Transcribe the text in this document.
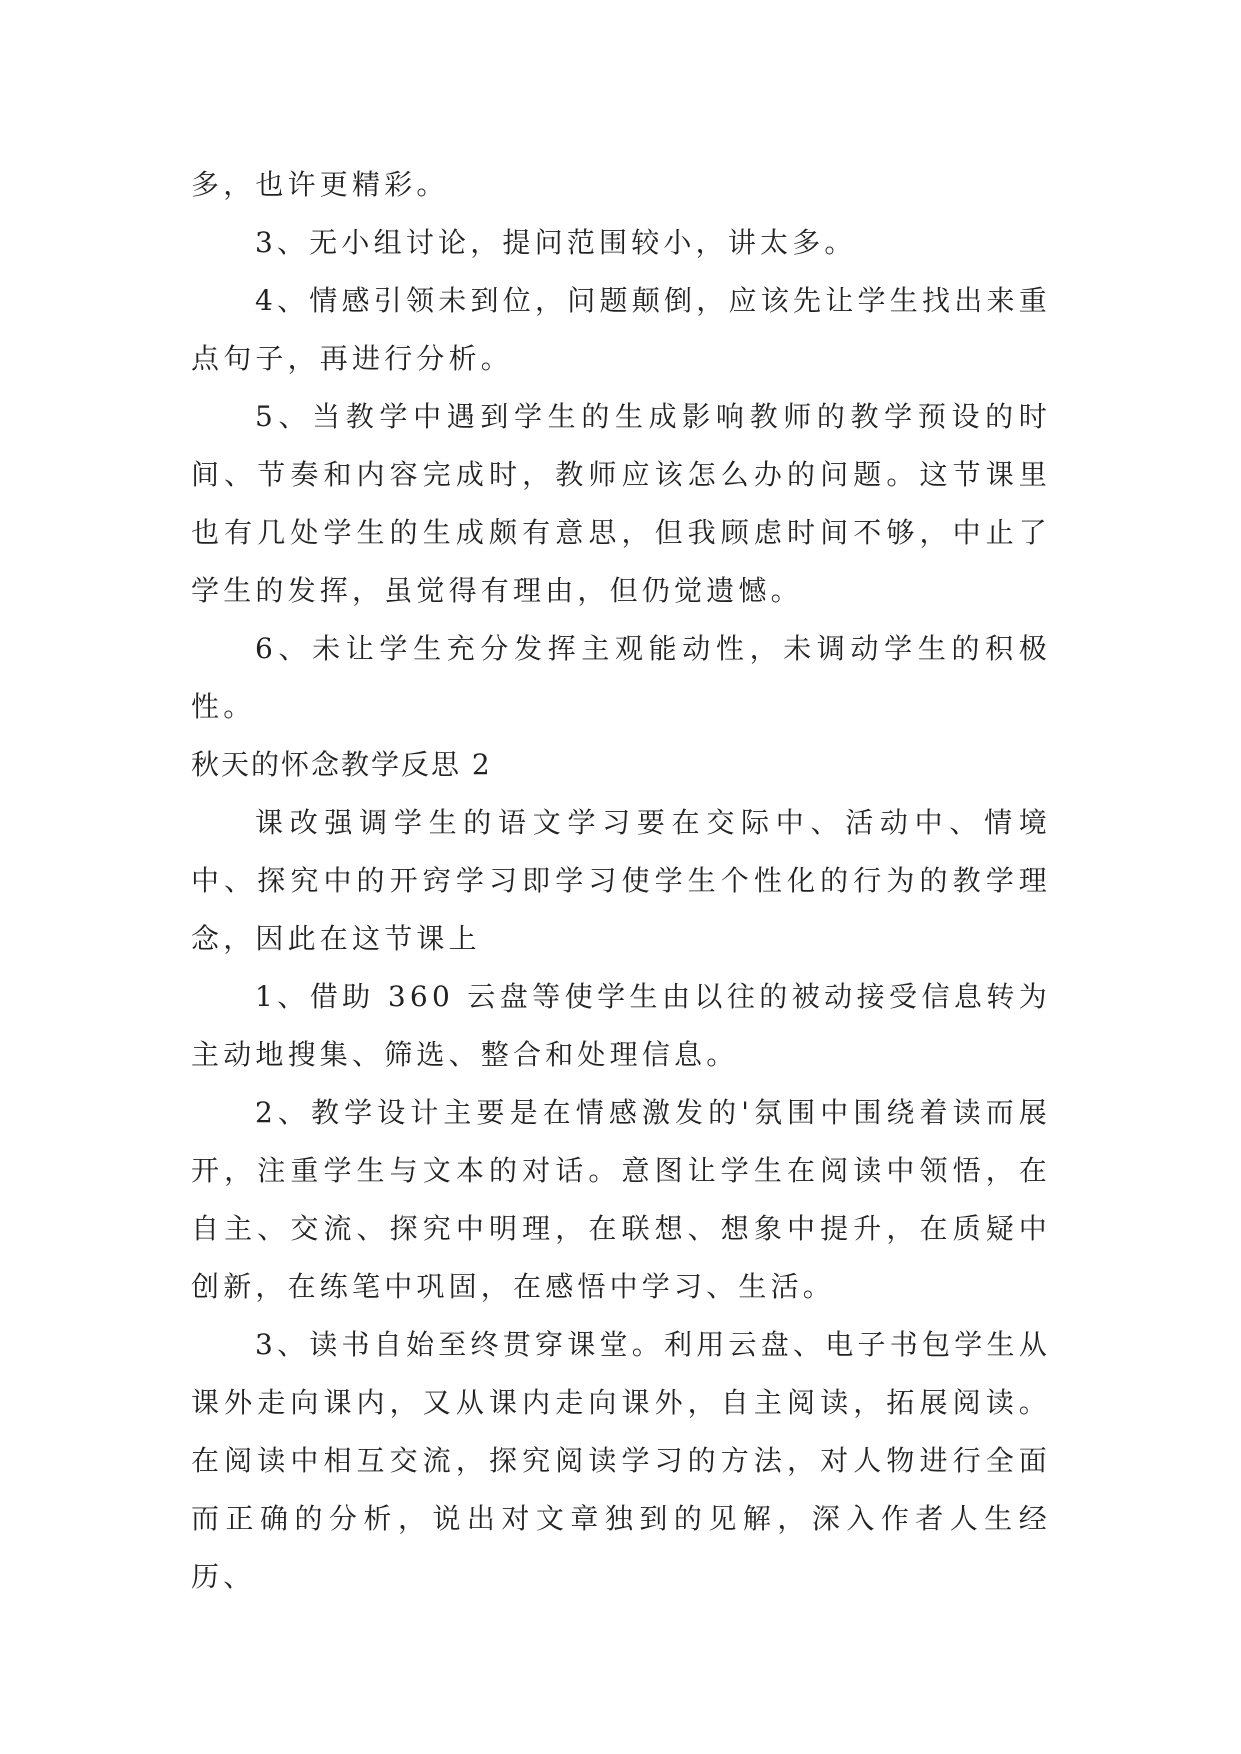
多，也许更精彩。

3、无小组讨论，提问范围较小，讲太多。

4、情感引领未到位，问题颠倒，应该先让学生找出来重点句子，再进行分析。

5、当教学中遇到学生的生成影响教师的教学预设的时间、节奏和内容完成时，教师应该怎么办的问题。这节课里也有几处学生的生成颇有意思，但我顾虑时间不够，中止了学生的发挥，虽觉得有理由，但仍觉遗憾。

6、未让学生充分发挥主观能动性，未调动学生的积极性。

秋天的怀念教学反思 2

课改强调学生的语文学习要在交际中、活动中、情境中、探究中的开窍学习即学习使学生个性化的行为的教学理念，因此在这节课上

1、借助 360 云盘等使学生由以往的被动接受信息转为主动地搜集、筛选、整合和处理信息。

2、教学设计主要是在情感激发的'氛围中围绕着读而展开，注重学生与文本的对话。意图让学生在阅读中领悟，在自主、交流、探究中明理，在联想、想象中提升，在质疑中创新，在练笔中巩固，在感悟中学习、生活。

3、读书自始至终贯穿课堂。利用云盘、电子书包学生从课外走向课内，又从课内走向课外，自主阅读，拓展阅读。在阅读中相互交流，探究阅读学习的方法，对人物进行全面而正确的分析，说出对文章独到的见解，深入作者人生经历、
